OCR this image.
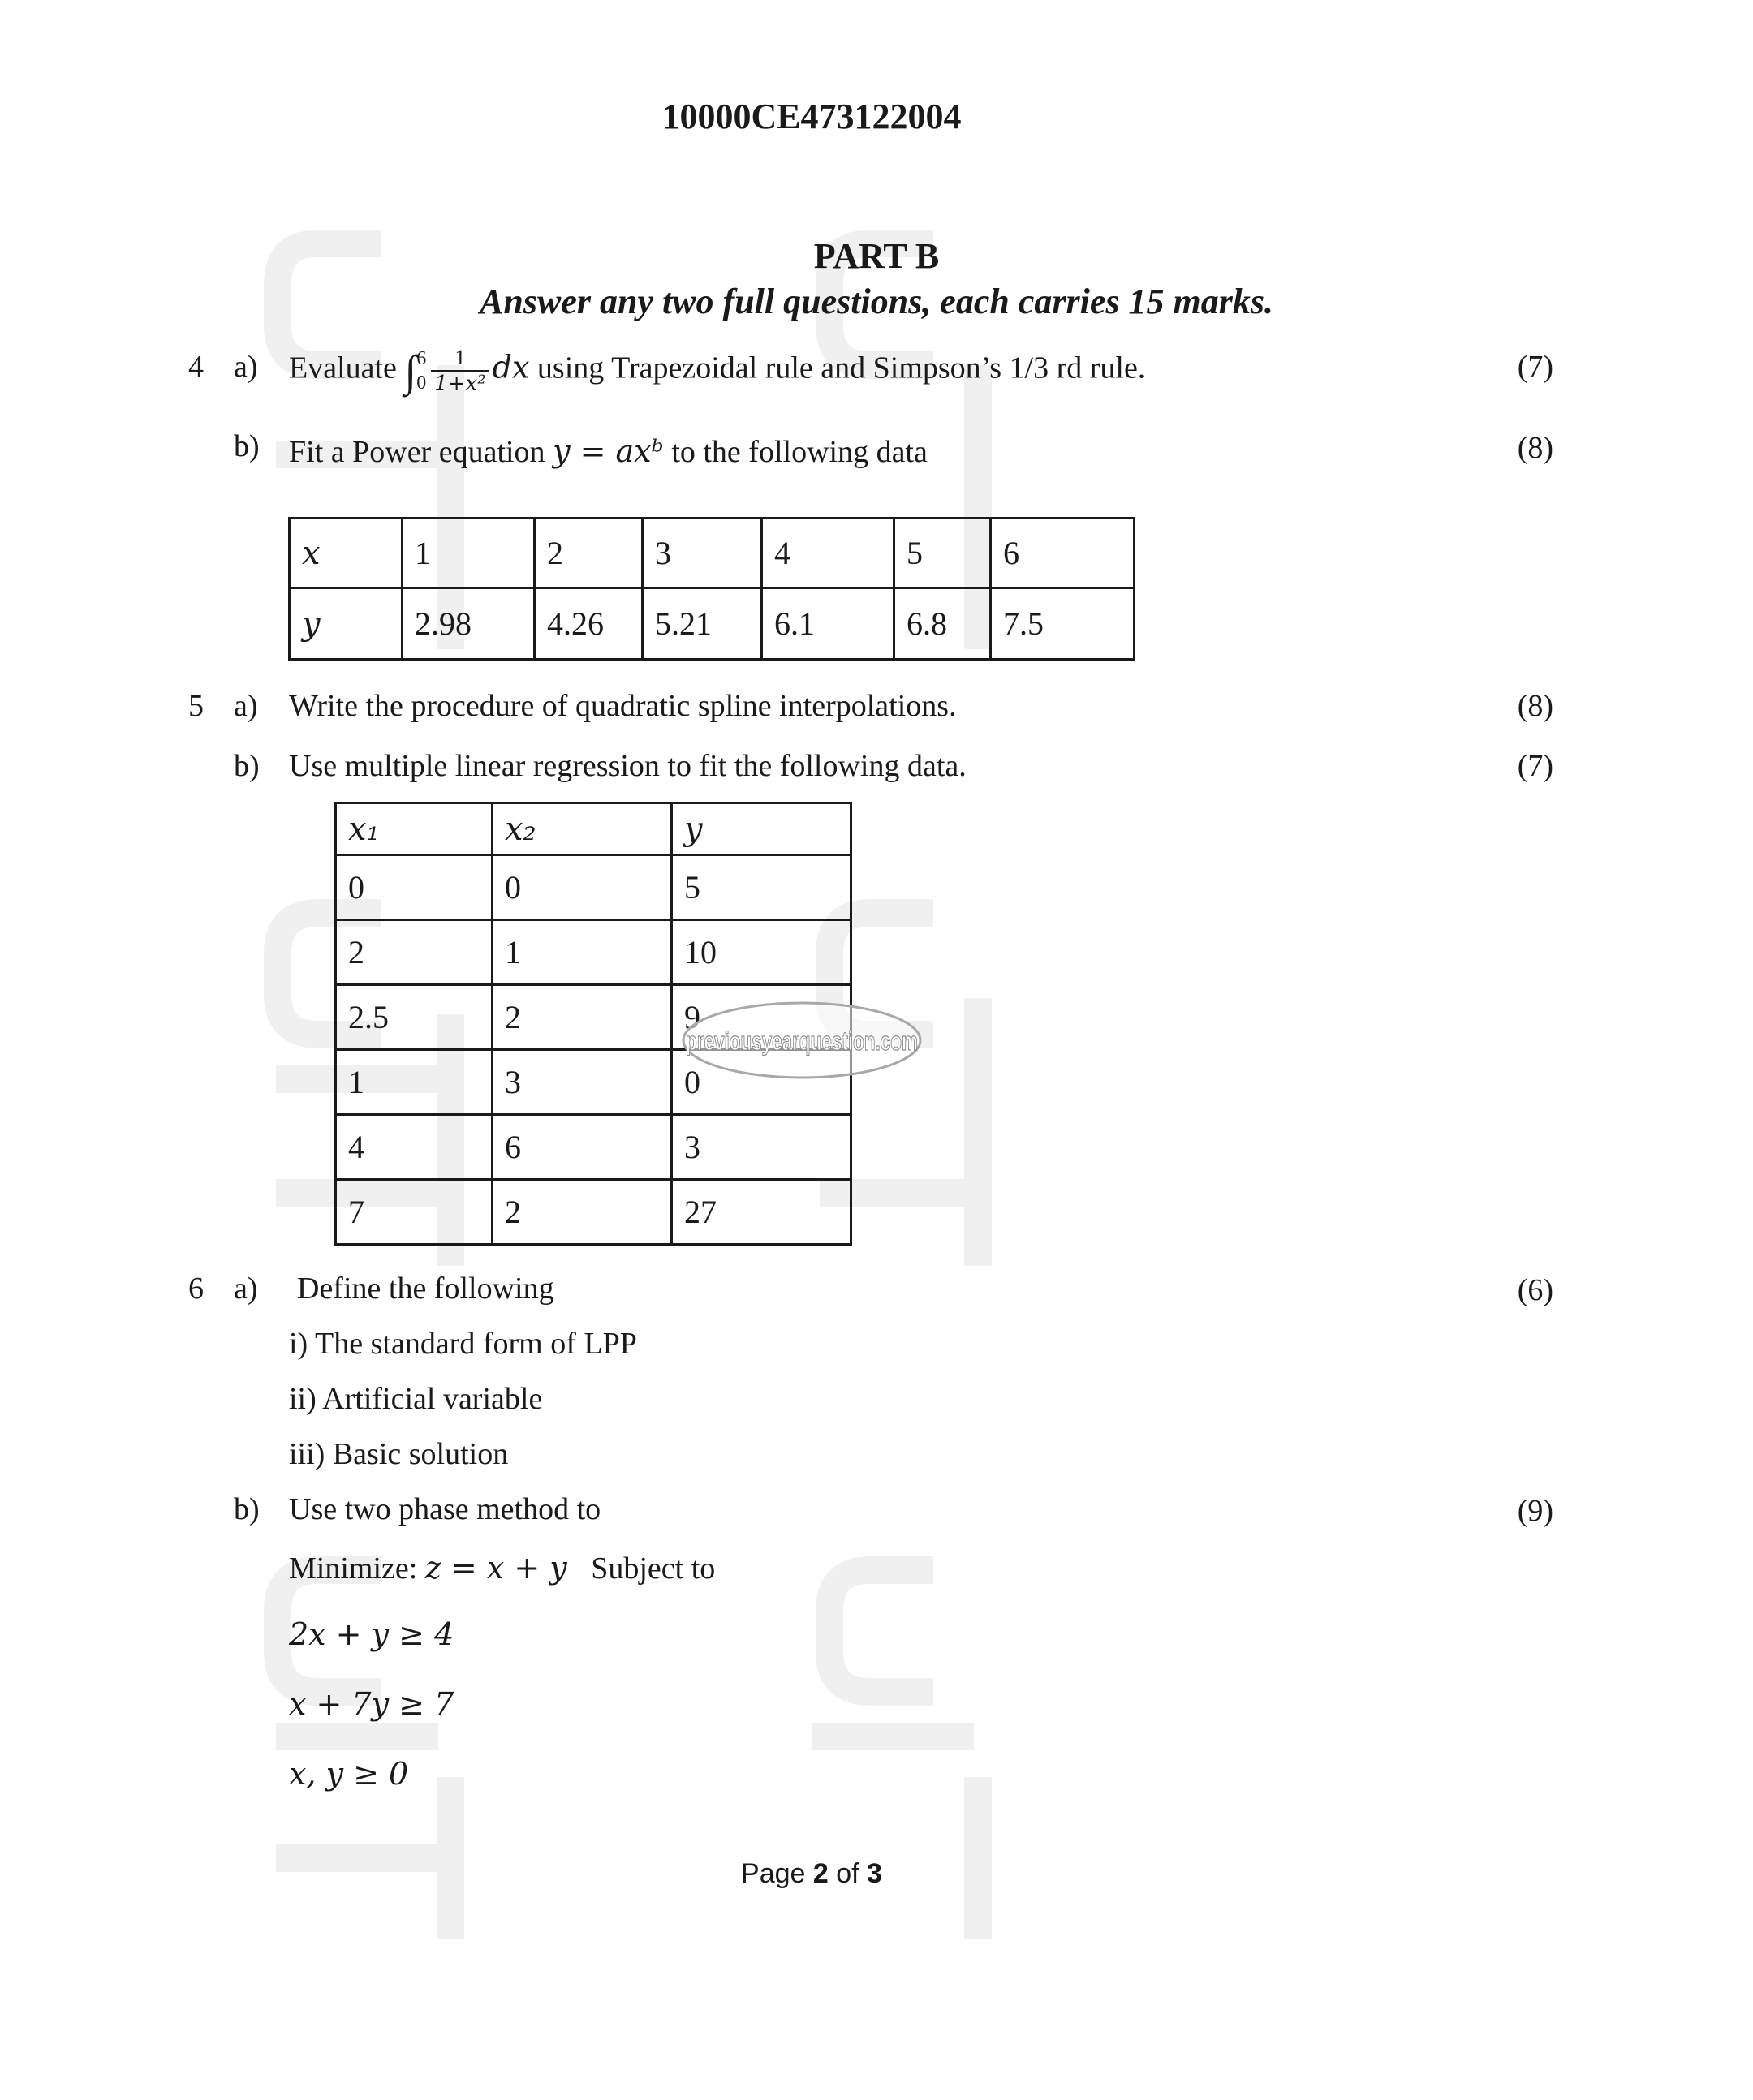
10000CE473122004
PART B
Answer any two full questions, each carries 15 marks.
4 a) Evaluate ∫ 6
$0 \frac{1}{\text{1+x²}}$ dx using Trapezoidal rule and Simpson’s 1/3 rd rule.	(7)
b) Fit a Power equation y = axᵇ to the following data	(8)
x	1	2	3	4	5	6
y	2.98	4.26	5.21	6.1	6.8	7.5
5 a) Write the procedure of quadratic spline interpolations.	(8)
b) Use multiple linear regression to fit the following data.	(7)
x₁	x₂	y
0	0	5
2	1	10
2.5	2	9
1	3	0
4	6	3
7	2	27
previousyearquestion.com
6 a) Define the following	(6)
i) The standard form of LPP
ii) Artificial variable
iii) Basic solution
b) Use two phase method to	(9)
Minimize: z = x + y Subject to
2x + y ≥ 4
x + 7y ≥ 7
x, y ≥ 0
Page 2 of 3
